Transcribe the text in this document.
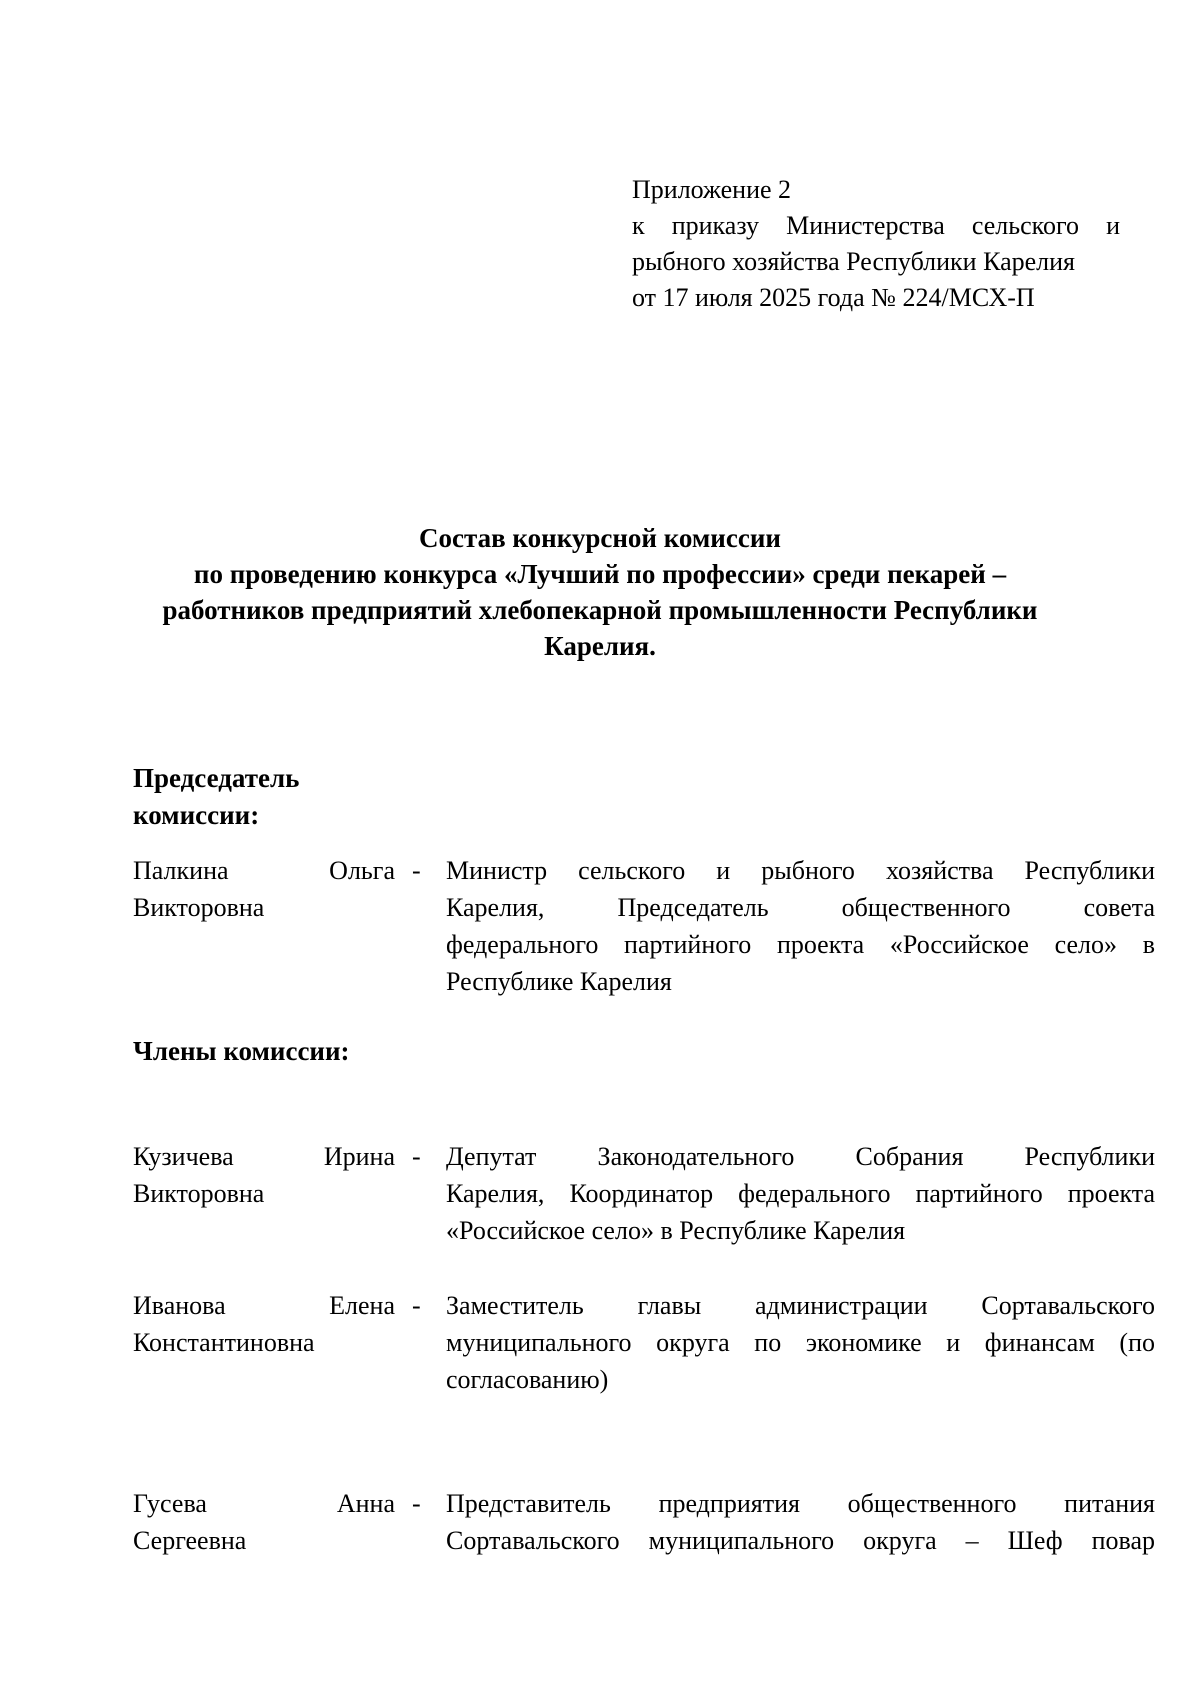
Приложение 2
к приказу Министерства сельского и
рыбного хозяйства Республики Карелия
от 17 июля 2025 года № 224/МСХ-П
Состав конкурсной комиссии
по проведению конкурса «Лучший по профессии» среди пекарей –
работников предприятий хлебопекарной промышленности Республики
Карелия.
Председатель
комиссии:
Палкина Ольга
Викторовна
- Министр сельского и рыбного хозяйства Республики
Карелия, Председатель общественного совета
федерального партийного проекта «Российское село» в
Республике Карелия
Члены комиссии:
Кузичева Ирина
Викторовна
- Депутат Законодательного Собрания Республики
Карелия, Координатор федерального партийного проекта
«Российское село» в Республике Карелия
Иванова Елена
Константиновна
- Заместитель главы администрации Сортавальского
муниципального округа по экономике и финансам (по
согласованию)
Гусева Анна
Сергеевна
- Представитель предприятия общественного питания
Сортавальского муниципального округа – Шеф повар
